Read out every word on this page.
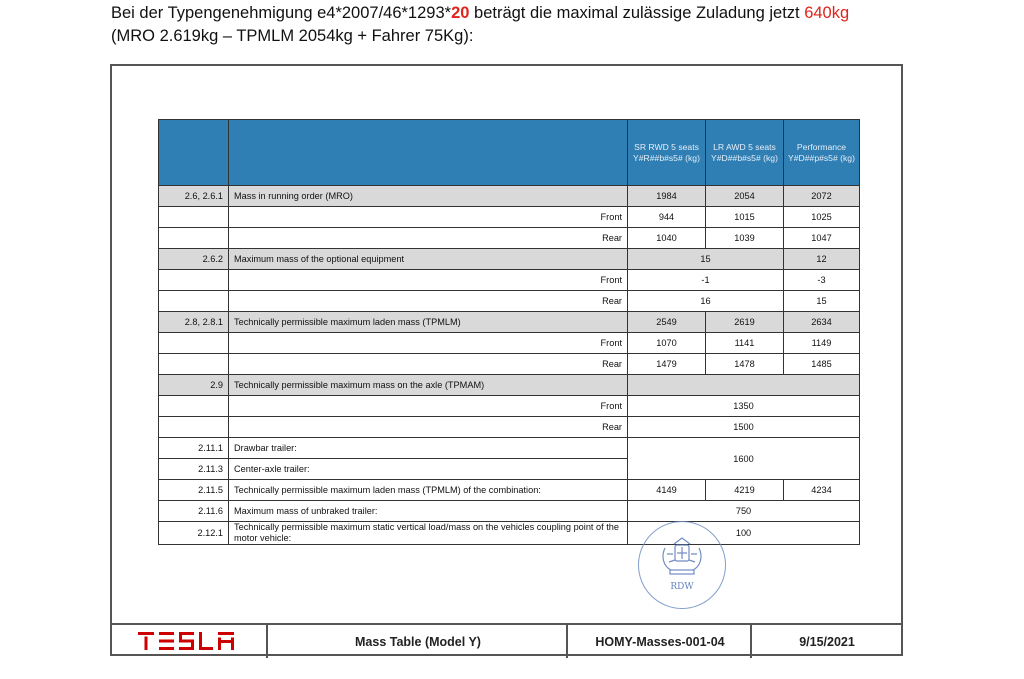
Bei der Typengenehmigung e4*2007/46*1293*20 beträgt die maximal zulässige Zuladung jetzt 640kg
(MRO 2.619kg – TPMLM 2054kg + Fahrer 75Kg):
		SR RWD 5 seats Y#R##b#s5# (kg)	LR AWD 5 seats Y#D##b#s5# (kg)	Performance Y#D##p#s5# (kg)
2.6, 2.6.1	Mass in running order (MRO)	1984	2054	2072
	Front	944	1015	1025
	Rear	1040	1039	1047
2.6.2	Maximum mass of the optional equipment	15		12
	Front	-1		-3
	Rear	16		15
2.8, 2.8.1	Technically permissible maximum laden mass (TPMLM)	2549	2619	2634
	Front	1070	1141	1149
	Rear	1479	1478	1485
2.9	Technically permissible maximum mass on the axle (TPMAM)			
	Front	1350		
	Rear	1500		
2.11.1	Drawbar trailer:	1600		
2.11.3	Center-axle trailer:			
2.11.5	Technically permissible maximum laden mass (TPMLM) of the combination:	4149	4219	4234
2.11.6	Maximum mass of unbraked trailer:	750		
2.12.1	Technically permissible maximum static vertical load/mass on the vehicles coupling point of the motor vehicle:	100		
RDW
Mass Table (Model Y)	HOMY-Masses-001-04	9/15/2021
